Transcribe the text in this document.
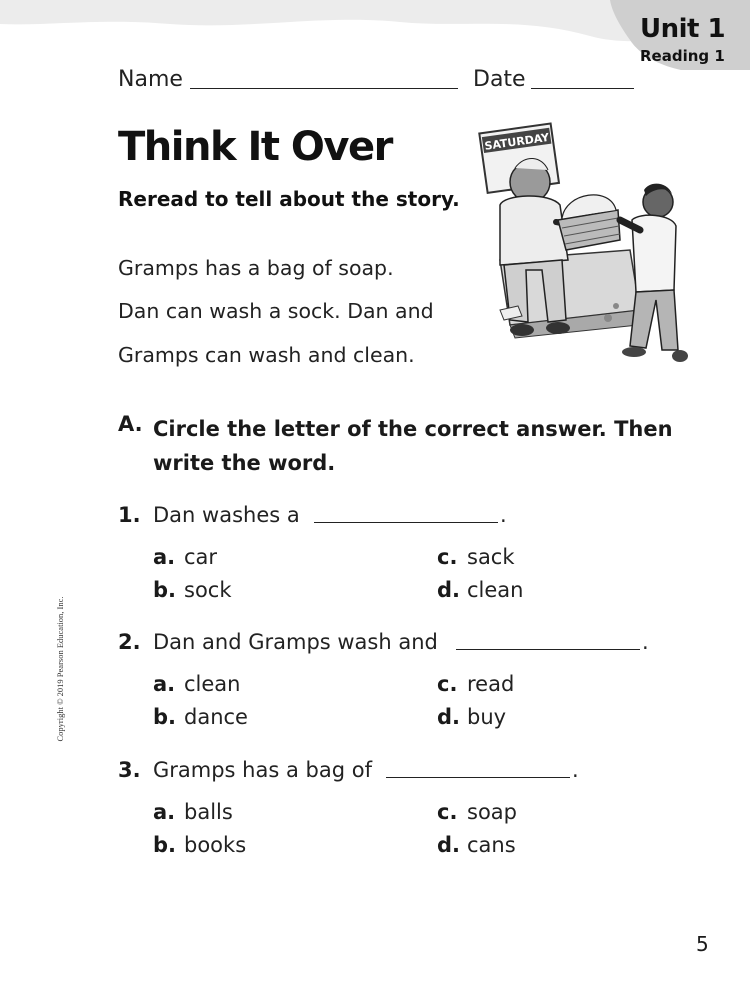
Unit 1
Reading 1
Name	Date
Think It Over
Reread to tell about the story.
Gramps has a bag of soap.
Dan can wash a sock. Dan and
Gramps can wash and clean.
SATURDAY
A. Circle the letter of the correct answer. Then write the word.
1. Dan washes a	.
a. car	c. sack
b. sock	d. clean
2. Dan and Gramps wash and	.
a. clean	c. read
b. dance	d. buy
3. Gramps has a bag of	.
a. balls	c. soap
b. books	d. cans
Copyright © 2019 Pearson Education, Inc.
5
